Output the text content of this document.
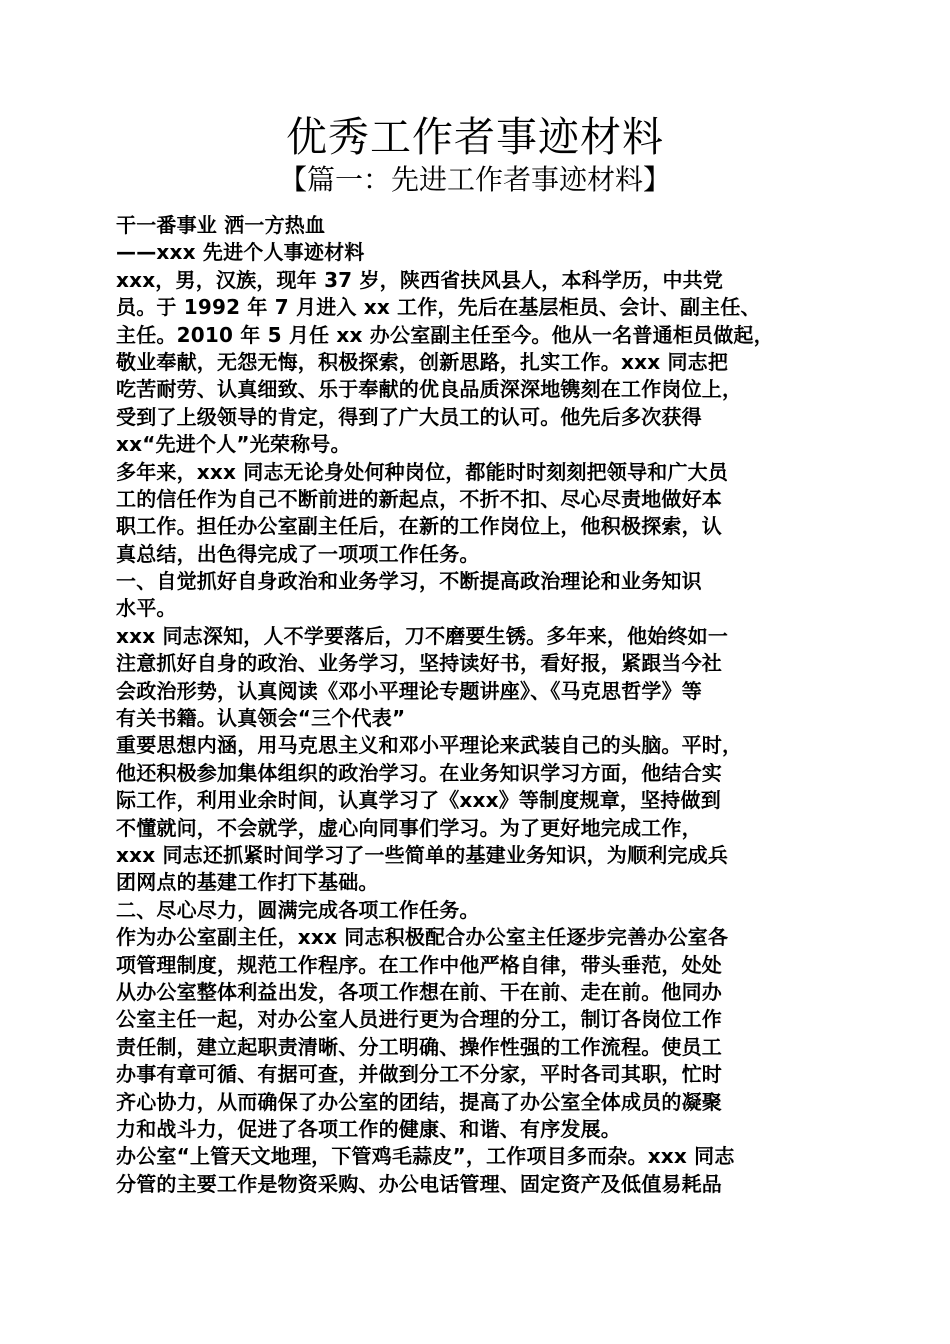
优秀工作者事迹材料
【篇一：先进工作者事迹材料】
干一番事业 洒一方热血
——xxx 先进个人事迹材料
xxx，男，汉族，现年 37 岁，陕西省扶风县人，本科学历，中共党
员。于 1992 年 7 月进入 xx 工作，先后在基层柜员、会计、副主任、
主任。2010 年 5 月任 xx 办公室副主任至今。他从一名普通柜员做起，
敬业奉献，无怨无悔，积极探索，创新思路，扎实工作。xxx 同志把
吃苦耐劳、认真细致、乐于奉献的优良品质深深地镌刻在工作岗位上，
受到了上级领导的肯定，得到了广大员工的认可。他先后多次获得
xx“先进个人”光荣称号。
多年来，xxx 同志无论身处何种岗位，都能时时刻刻把领导和广大员
工的信任作为自己不断前进的新起点，不折不扣、尽心尽责地做好本
职工作。担任办公室副主任后，在新的工作岗位上，他积极探索，认
真总结，出色得完成了一项项工作任务。
一、自觉抓好自身政治和业务学习，不断提高政治理论和业务知识
水平。
xxx 同志深知，人不学要落后，刀不磨要生锈。多年来，他始终如一
注意抓好自身的政治、业务学习，坚持读好书，看好报，紧跟当今社
会政治形势，认真阅读《邓小平理论专题讲座》、《马克思哲学》等
有关书籍。认真领会“三个代表”
重要思想内涵，用马克思主义和邓小平理论来武装自己的头脑。平时，
他还积极参加集体组织的政治学习。在业务知识学习方面，他结合实
际工作，利用业余时间，认真学习了《xxx》等制度规章，坚持做到
不懂就问，不会就学，虚心向同事们学习。为了更好地完成工作，
xxx 同志还抓紧时间学习了一些简单的基建业务知识，为顺利完成兵
团网点的基建工作打下基础。
二、尽心尽力，圆满完成各项工作任务。
作为办公室副主任，xxx 同志积极配合办公室主任逐步完善办公室各
项管理制度，规范工作程序。在工作中他严格自律，带头垂范，处处
从办公室整体利益出发，各项工作想在前、干在前、走在前。他同办
公室主任一起，对办公室人员进行更为合理的分工，制订各岗位工作
责任制，建立起职责清晰、分工明确、操作性强的工作流程。使员工
办事有章可循、有据可查，并做到分工不分家，平时各司其职，忙时
齐心协力，从而确保了办公室的团结，提高了办公室全体成员的凝聚
力和战斗力，促进了各项工作的健康、和谐、有序发展。
办公室“上管天文地理，下管鸡毛蒜皮”，工作项目多而杂。xxx 同志
分管的主要工作是物资采购、办公电话管理、固定资产及低值易耗品
